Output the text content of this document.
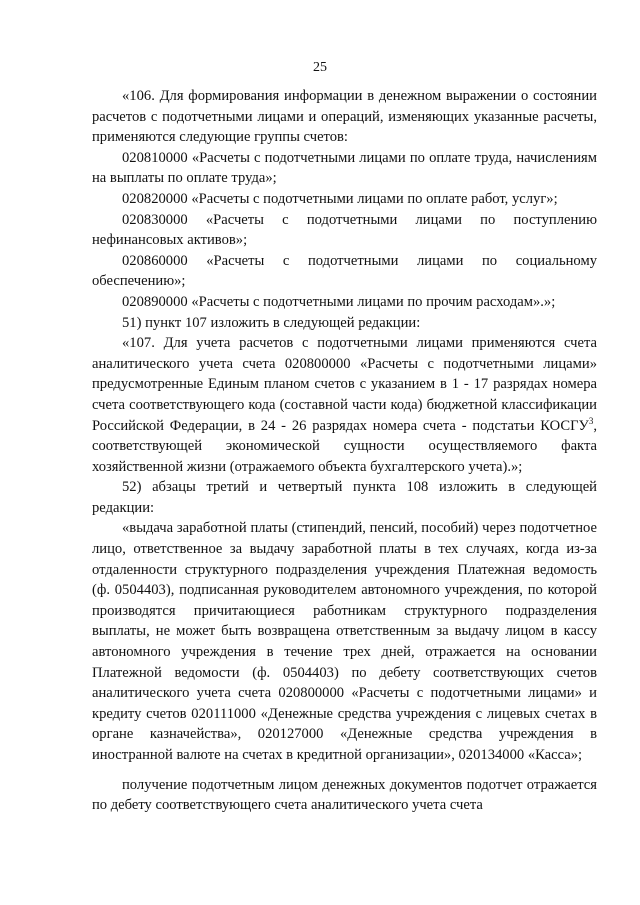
25

«106. Для формирования информации в денежном выражении о состоянии расчетов с подотчетными лицами и операций, изменяющих указанные расчеты, применяются следующие группы счетов:

020810000 «Расчеты с подотчетными лицами по оплате труда, начислениям на выплаты по оплате труда»;

020820000 «Расчеты с подотчетными лицами по оплате работ, услуг»;

020830000 «Расчеты с подотчетными лицами по поступлению нефинансовых активов»;

020860000 «Расчеты с подотчетными лицами по социальному обеспечению»;

020890000 «Расчеты с подотчетными лицами по прочим расходам».»;

51) пункт 107 изложить в следующей редакции:

«107. Для учета расчетов с подотчетными лицами применяются счета аналитического учета счета 020800000 «Расчеты с подотчетными лицами» предусмотренные Единым планом счетов с указанием в 1 - 17 разрядах номера счета соответствующего кода (составной части кода) бюджетной классификации Российской Федерации, в 24 - 26 разрядах номера счета - подстатьи КОСГУ$^3$, соответствующей экономической сущности осуществляемого факта хозяйственной жизни (отражаемого объекта бухгалтерского учета).»;

52) абзацы третий и четвертый пункта 108 изложить в следующей редакции:

«выдача заработной платы (стипендий, пенсий, пособий) через подотчетное лицо, ответственное за выдачу заработной платы в тех случаях, когда из-за отдаленности структурного подразделения учреждения Платежная ведомость (ф. 0504403), подписанная руководителем автономного учреждения, по которой производятся причитающиеся работникам структурного подразделения выплаты, не может быть возвращена ответственным за выдачу лицом в кассу автономного учреждения в течение трех дней, отражается на основании Платежной ведомости (ф. 0504403) по дебету соответствующих счетов аналитического учета счета 020800000 «Расчеты с подотчетными лицами» и кредиту счетов 020111000 «Денежные средства учреждения с лицевых счетах в органе казначейства», 020127000 «Денежные средства учреждения в иностранной валюте на счетах в кредитной организации», 020134000 «Касса»;

получение подотчетным лицом денежных документов подотчет отражается по дебету соответствующего счета аналитического учета счета
